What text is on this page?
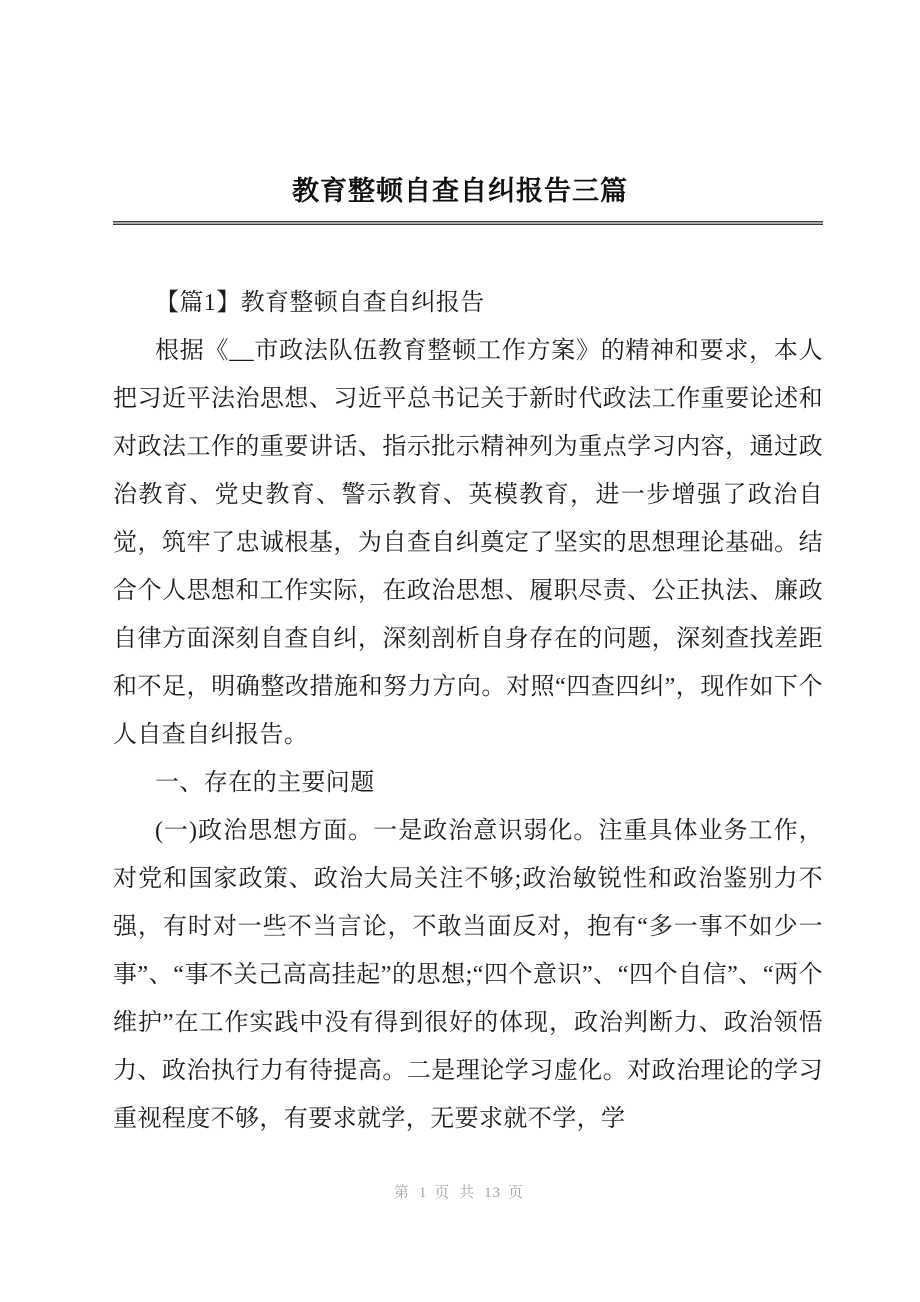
教育整顿自查自纠报告三篇

【篇1】教育整顿自查自纠报告

根据《__市政法队伍教育整顿工作方案》的精神和要求，本人把习近平法治思想、习近平总书记关于新时代政法工作重要论述和对政法工作的重要讲话、指示批示精神列为重点学习内容，通过政治教育、党史教育、警示教育、英模教育，进一步增强了政治自觉，筑牢了忠诚根基，为自查自纠奠定了坚实的思想理论基础。结合个人思想和工作实际，在政治思想、履职尽责、公正执法、廉政自律方面深刻自查自纠，深刻剖析自身存在的问题，深刻查找差距和不足，明确整改措施和努力方向。对照“四查四纠”，现作如下个人自查自纠报告。

一、存在的主要问题

(一)政治思想方面。一是政治意识弱化。注重具体业务工作，对党和国家政策、政治大局关注不够;政治敏锐性和政治鉴别力不强，有时对一些不当言论，不敢当面反对，抱有“多一事不如少一事”、“事不关己高高挂起”的思想;“四个意识”、“四个自信”、“两个维护”在工作实践中没有得到很好的体现，政治判断力、政治领悟力、政治执行力有待提高。二是理论学习虚化。对政治理论的学习重视程度不够，有要求就学，无要求就不学，学

第 1 页 共 13 页
